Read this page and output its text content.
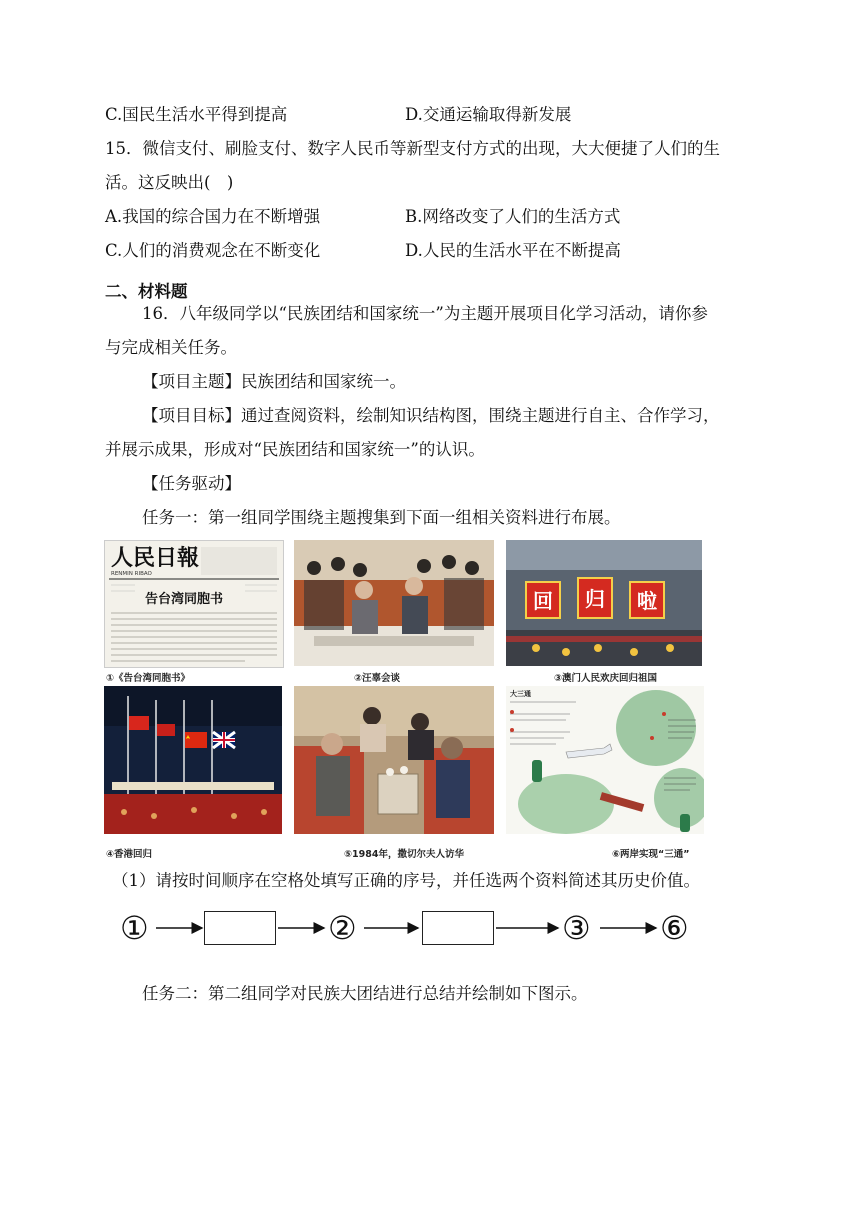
C.国民生活水平得到提高	D.交通运输取得新发展
15．微信支付、刷脸支付、数字人民币等新型支付方式的出现，大大便捷了人们的生
活。这反映出(　)
A.我国的综合国力在不断增强	B.网络改变了人们的生活方式
C.人们的消费观念在不断变化	D.人民的生活水平在不断提高
二、材料题
16．八年级同学以“民族团结和国家统一”为主题开展项目化学习活动，请你参
与完成相关任务。
【项目主题】民族团结和国家统一。
【项目目标】通过查阅资料，绘制知识结构图，围绕主题进行自主、合作学习，
并展示成果，形成对“民族团结和国家统一”的认识。
【任务驱动】
任务一：第一组同学围绕主题搜集到下面一组相关资料进行布展。
人民日報
RENMIN RIBAO
告台湾同胞书
①《告台湾同胞书》	②汪辜会谈
回 归 啦
③澳门人民欢庆回归祖国
④香港回归	⑤1984年，撒切尔夫人访华
大三通
⑥两岸实现“三通”
（1）请按时间顺序在空格处填写正确的序号，并任选两个资料简述其历史价值。
①	②	③ ⑥
任务二：第二组同学对民族大团结进行总结并绘制如下图示。
